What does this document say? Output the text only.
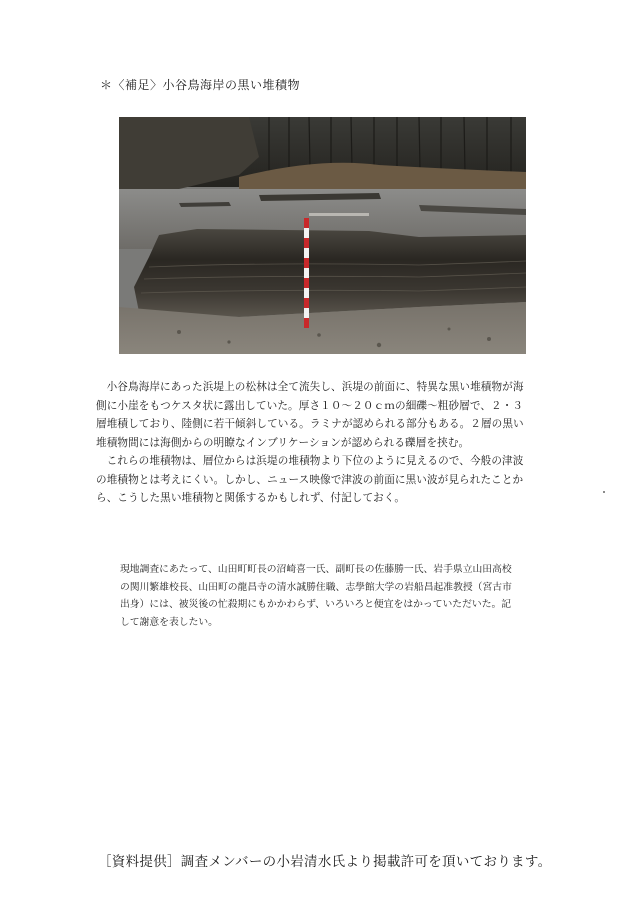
＊〈補足〉小谷鳥海岸の黒い堆積物

小谷鳥海岸にあった浜堤上の松林は全て流失し、浜堤の前面に、特異な黒い堆積物が海側に小崖をもつケスタ状に露出していた。厚さ１０～２０ｃｍの細礫～粗砂層で、２・３層堆積しており、陸側に若干傾斜している。ラミナが認められる部分もある。２層の黒い堆積物間には海側からの明瞭なインブリケーションが認められる礫層を挟む。

これらの堆積物は、層位からは浜堤の堆積物より下位のように見えるので、今般の津波の堆積物とは考えにくい。しかし、ニュース映像で津波の前面に黒い波が見られたことから、こうした黒い堆積物と関係するかもしれず、付記しておく。

現地調査にあたって、山田町町長の沼崎喜一氏、副町長の佐藤勝一氏、岩手県立山田高校の関川繁雄校長、山田町の龍昌寺の清水誠勝住職、志學館大学の岩船昌起准教授（宮古市出身）には、被災後の忙殺期にもかかわらず、いろいろと便宜をはかっていただいた。記して謝意を表したい。

［資料提供］調査メンバーの小岩清水氏より掲載許可を頂いております。
